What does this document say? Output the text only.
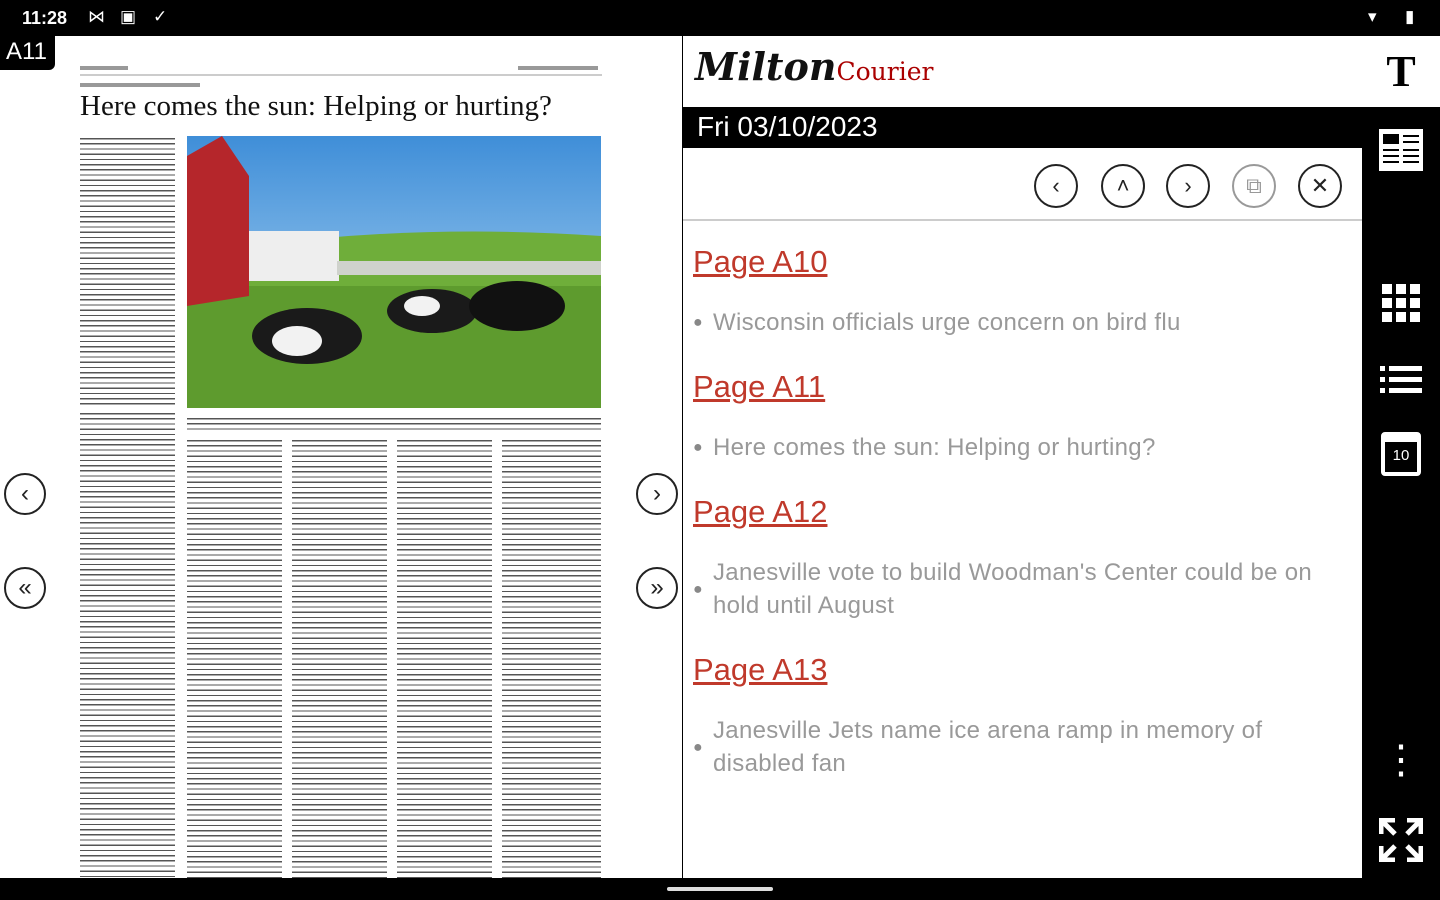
11:28 ⋈ ▣ ✓	▾ ▮
A11
Here comes the sun: Helping or hurting?
‹
«
›
»
MiltonCourier
Fri 03/10/2023
‹	˄ › ⧉ ✕
Page A10
● Wisconsin officials urge concern on bird flu
Page A11
● Here comes the sun: Helping or hurting?
Page A12
●
Janesville vote to build Woodman's Center could be on hold until August
Page A13
●
Janesville Jets name ice arena ramp in memory of disabled fan
T
10
⋮
